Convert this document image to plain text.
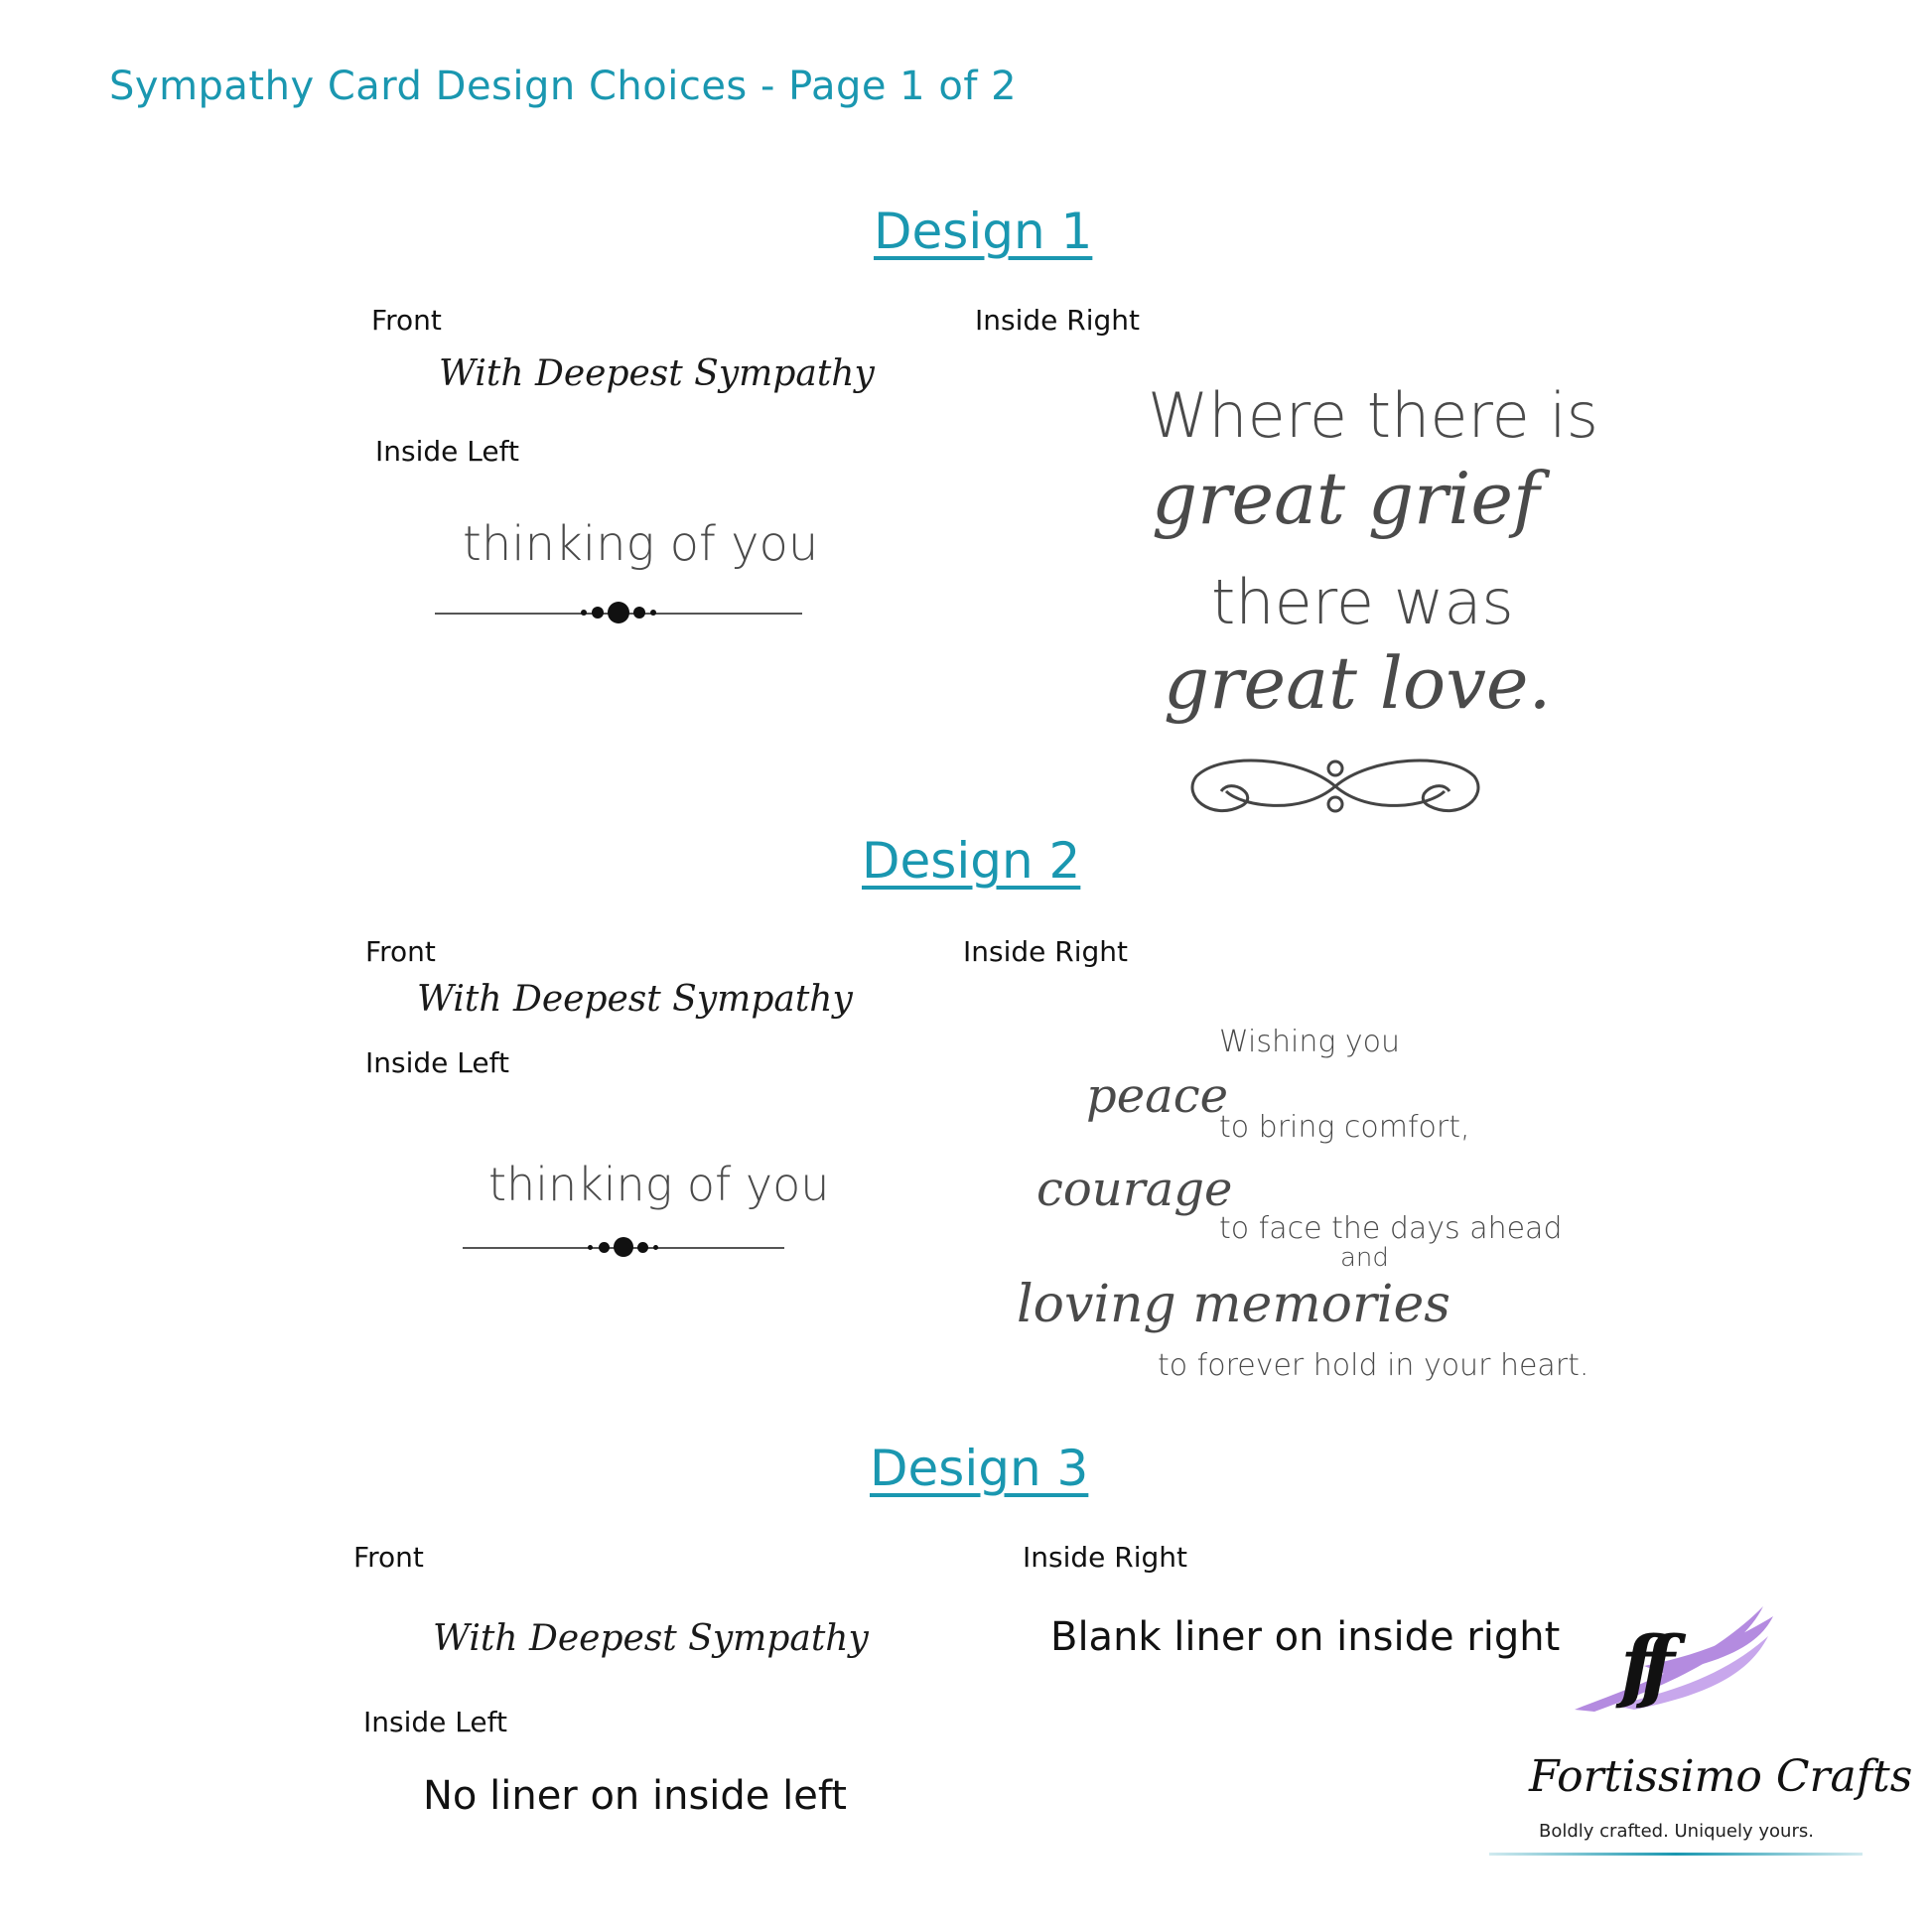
Sympathy Card Design Choices - Page 1 of 2
Design 1
Front
With Deepest Sympathy
Inside Left
thinking of you
Inside Right
Where there is
great grief
there was
great love.
Design 2
Front
With Deepest Sympathy
Inside Left
thinking of you
Inside Right
Wishing you
peace
to bring comfort,
courage
to face the days ahead
and
loving memories
to forever hold in your heart.
Design 3
Front
With Deepest Sympathy
Inside Left
No liner on inside left
Inside Right
Blank liner on inside right ff
Fortissimo Crafts
Boldly crafted. Uniquely yours.
